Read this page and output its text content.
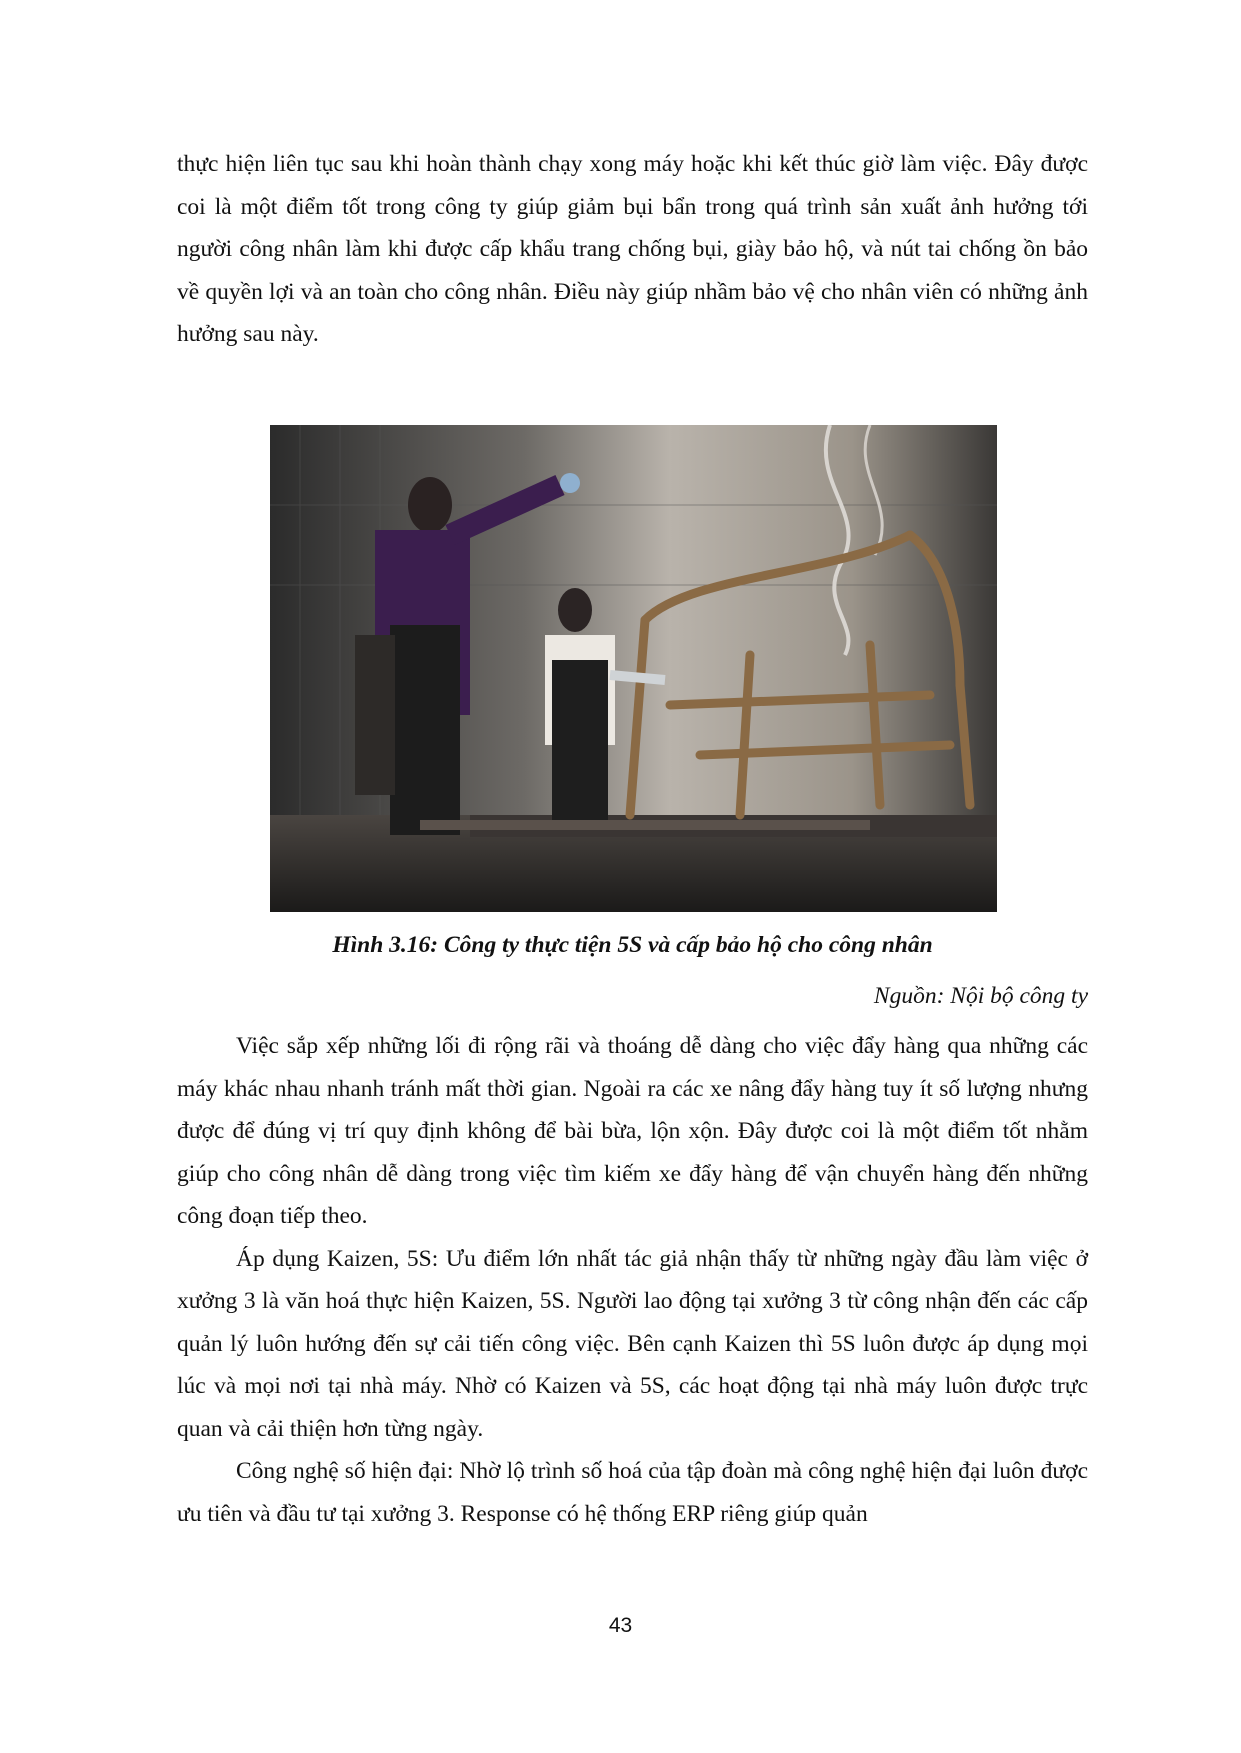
thực hiện liên tục sau khi hoàn thành chạy xong máy hoặc khi kết thúc giờ làm việc. Đây được coi là một điểm tốt trong công ty giúp giảm bụi bẩn trong quá trình sản xuất ảnh hưởng tới người công nhân làm khi được cấp khẩu trang chống bụi, giày bảo hộ, và nút tai chống ồn bảo về quyền lợi và an toàn cho công nhân. Điều này giúp nhầm bảo vệ cho nhân viên có những ảnh hưởng sau này.

Hình 3.16: Công ty thực tiện 5S và cấp bảo hộ cho công nhân
Nguồn: Nội bộ công ty

Việc sắp xếp những lối đi rộng rãi và thoáng dễ dàng cho việc đẩy hàng qua những các máy khác nhau nhanh tránh mất thời gian. Ngoài ra các xe nâng đẩy hàng tuy ít số lượng nhưng được để đúng vị trí quy định không để bài bừa, lộn xộn. Đây được coi là một điểm tốt nhằm giúp cho công nhân dễ dàng trong việc tìm kiếm xe đẩy hàng để vận chuyển hàng đến những công đoạn tiếp theo.

Áp dụng Kaizen, 5S: Ưu điểm lớn nhất tác giả nhận thấy từ những ngày đầu làm việc ở xưởng 3 là văn hoá thực hiện Kaizen, 5S. Người lao động tại xưởng 3 từ công nhận đến các cấp quản lý luôn hướng đến sự cải tiến công việc. Bên cạnh Kaizen thì 5S luôn được áp dụng mọi lúc và mọi nơi tại nhà máy. Nhờ có Kaizen và 5S, các hoạt động tại nhà máy luôn được trực quan và cải thiện hơn từng ngày.

Công nghệ số hiện đại: Nhờ lộ trình số hoá của tập đoàn mà công nghệ hiện đại luôn được ưu tiên và đầu tư tại xưởng 3. Response có hệ thống ERP riêng giúp quản

43
